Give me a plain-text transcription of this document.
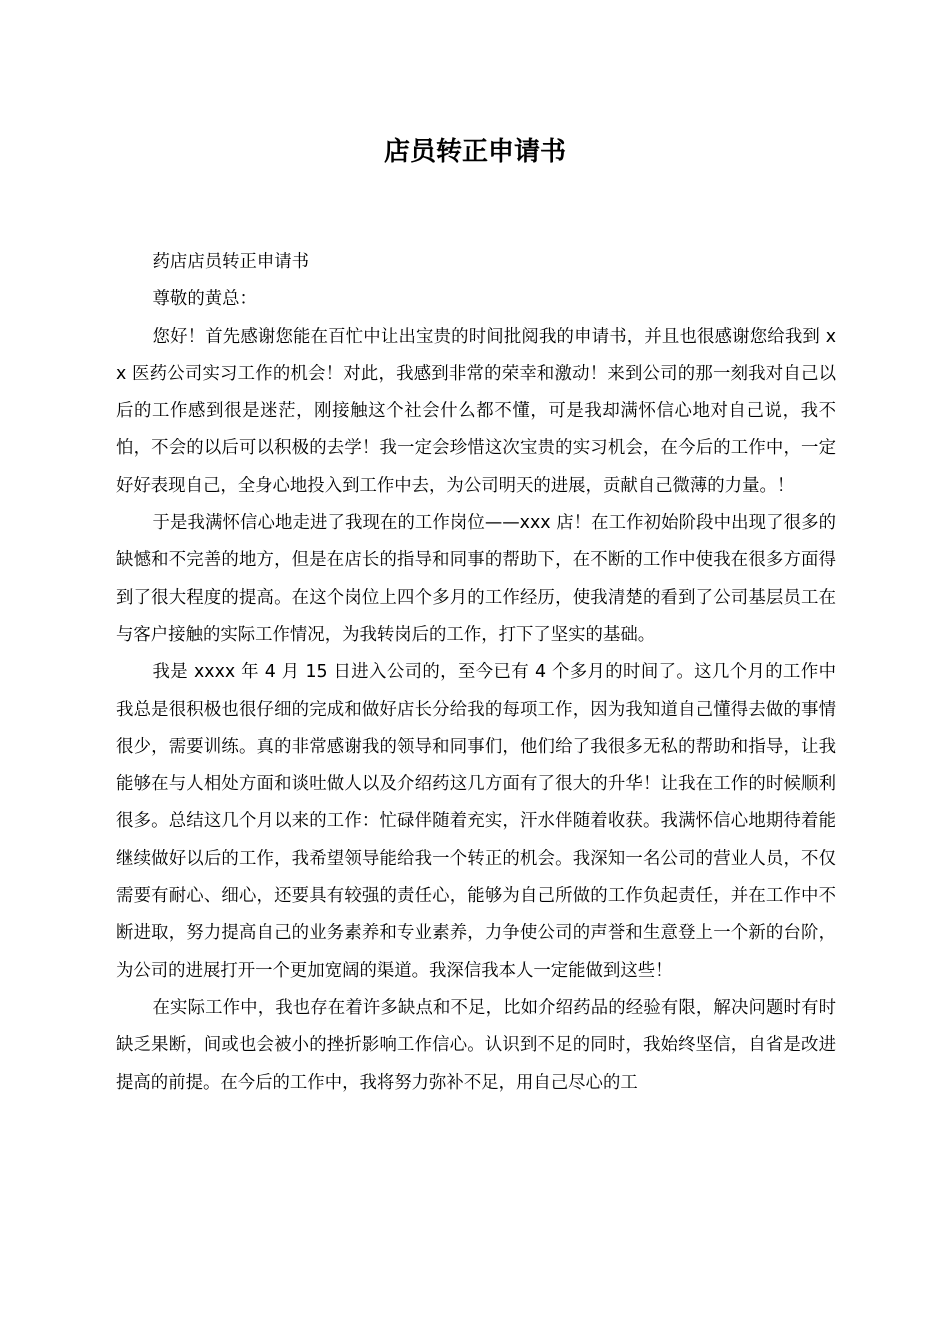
店员转正申请书

药店店员转正申请书

尊敬的黄总：

您好！首先感谢您能在百忙中让出宝贵的时间批阅我的申请书，并且也很感谢您给我到 xx 医药公司实习工作的机会！对此，我感到非常的荣幸和激动！来到公司的那一刻我对自己以后的工作感到很是迷茫，刚接触这个社会什么都不懂，可是我却满怀信心地对自己说，我不怕，不会的以后可以积极的去学！我一定会珍惜这次宝贵的实习机会，在今后的工作中，一定好好表现自己，全身心地投入到工作中去，为公司明天的进展，贡献自己微薄的力量。！

于是我满怀信心地走进了我现在的工作岗位——xxx 店！在工作初始阶段中出现了很多的缺憾和不完善的地方，但是在店长的指导和同事的帮助下，在不断的工作中使我在很多方面得到了很大程度的提高。在这个岗位上四个多月的工作经历，使我清楚的看到了公司基层员工在与客户接触的实际工作情况，为我转岗后的工作，打下了坚实的基础。

我是 xxxx 年 4 月 15 日进入公司的，至今已有 4 个多月的时间了。这几个月的工作中我总是很积极也很仔细的完成和做好店长分给我的每项工作，因为我知道自己懂得去做的事情很少，需要训练。真的非常感谢我的领导和同事们，他们给了我很多无私的帮助和指导，让我能够在与人相处方面和谈吐做人以及介绍药这几方面有了很大的升华！让我在工作的时候顺利很多。总结这几个月以来的工作：忙碌伴随着充实，汗水伴随着收获。我满怀信心地期待着能继续做好以后的工作，我希望领导能给我一个转正的机会。我深知一名公司的营业人员，不仅需要有耐心、细心，还要具有较强的责任心，能够为自己所做的工作负起责任，并在工作中不断进取，努力提高自己的业务素养和专业素养，力争使公司的声誉和生意登上一个新的台阶，为公司的进展打开一个更加宽阔的渠道。我深信我本人一定能做到这些！

在实际工作中，我也存在着许多缺点和不足，比如介绍药品的经验有限，解决问题时有时缺乏果断，间或也会被小的挫折影响工作信心。认识到不足的同时，我始终坚信，自省是改进提高的前提。在今后的工作中，我将努力弥补不足，用自己尽心的工
